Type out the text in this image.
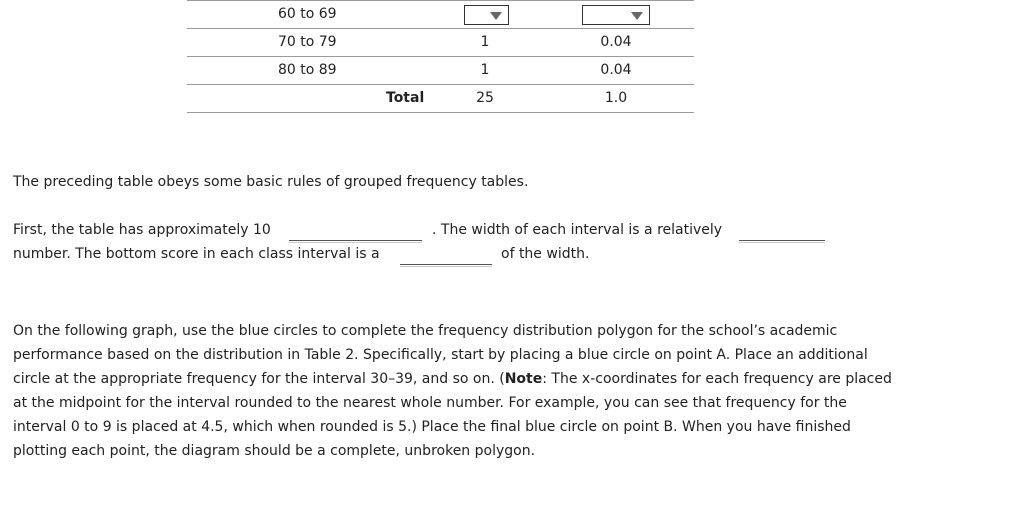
60 to 69
70 to 79	1	0.04
80 to 89	1	0.04
Total	25	1.0

The preceding table obeys some basic rules of grouped frequency tables.

First, the table has approximately 10	. The width of each interval is a relatively

number. The bottom score in each class interval is a	of the width.

On the following graph, use the blue circles to complete the frequency distribution polygon for the school’s academic performance based on the distribution in Table 2. Specifically, start by placing a blue circle on point A. Place an additional circle at the appropriate frequency for the interval 30–39, and so on. (Note: The x-coordinates for each frequency are placed at the midpoint for the interval rounded to the nearest whole number. For example, you can see that frequency for the interval 0 to 9 is placed at 4.5, which when rounded is 5.) Place the final blue circle on point B. When you have finished plotting each point, the diagram should be a complete, unbroken polygon.
